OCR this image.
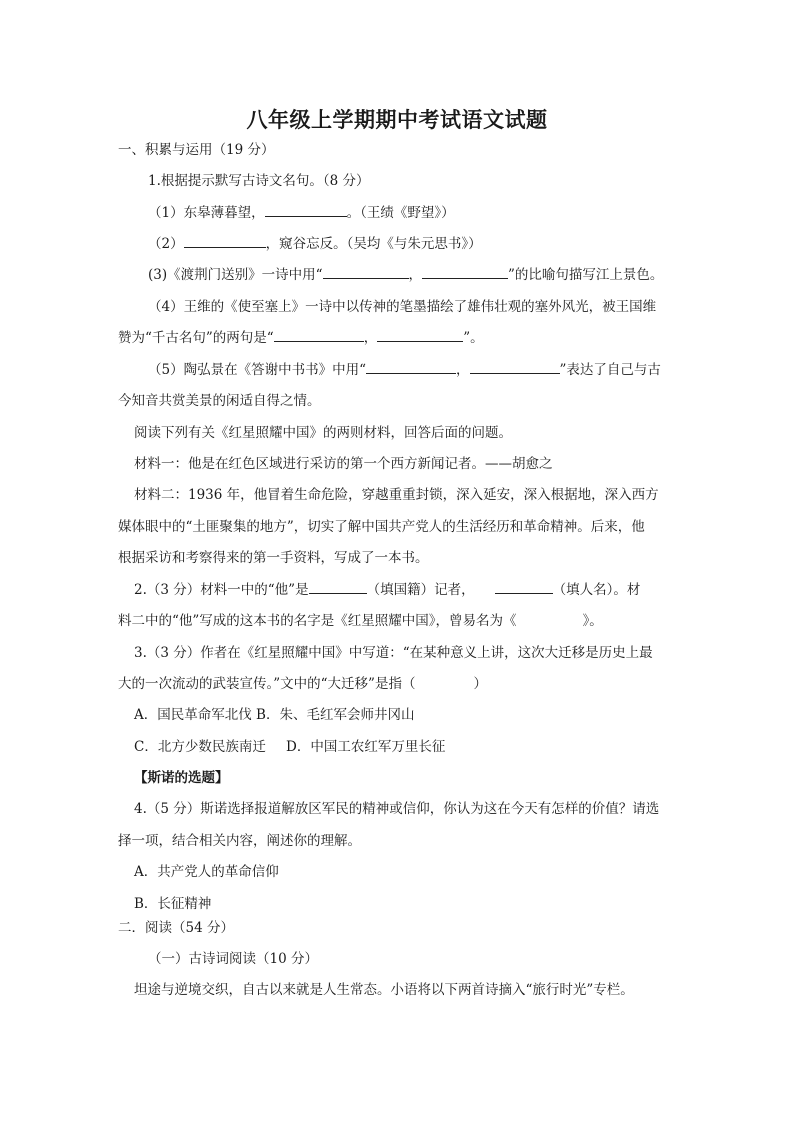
八年级上学期期中考试语文试题
一、积累与运用（19 分）
1.根据提示默写古诗文名句。（8 分）
（1）东皋薄暮望，	。（王绩《野望》）
（2）	，窥谷忘反。（吴均《与朱元思书》）
(3)《渡荆门送别》一诗中用“	，	”的比喻句描写江上景色。
（4）王维的《使至塞上》一诗中以传神的笔墨描绘了雄伟壮观的塞外风光，被王国维
赞为“千古名句”的两句是“	，	”。
（5）陶弘景在《答谢中书书》中用“	，	”表达了自己与古
今知音共赏美景的闲适自得之情。
阅读下列有关《红星照耀中国》的两则材料，回答后面的问题。
材料一：他是在红色区域进行采访的第一个西方新闻记者。——胡愈之
材料二：1936 年，他冒着生命危险，穿越重重封锁，深入延安，深入根据地，深入西方
媒体眼中的“土匪聚集的地方”，切实了解中国共产党人的生活经历和革命精神。后来，他
根据采访和考察得来的第一手资料，写成了一本书。
2.（3 分）材料一中的“他”是	（填国籍）记者，	（填人名）。材
料二中的“他”写成的这本书的名字是《红星照耀中国》，曾易名为《	》。
3.（3 分）作者在《红星照耀中国》中写道：“在某种意义上讲，这次大迁移是历史上最
大的一次流动的武装宣传。”文中的“大迁移”是指（	）
A．国民革命军北伐 B．朱、毛红军会师井冈山
C．北方少数民族南迁 D．中国工农红军万里长征
【斯诺的选题】
4.（5 分）斯诺选择报道解放区军民的精神或信仰，你认为这在今天有怎样的价值？请选
择一项，结合相关内容，阐述你的理解。
A．共产党人的革命信仰
B．长征精神
二．阅读（54 分）
（一）古诗词阅读（10 分）
坦途与逆境交织，自古以来就是人生常态。小语将以下两首诗摘入“旅行时光”专栏。
